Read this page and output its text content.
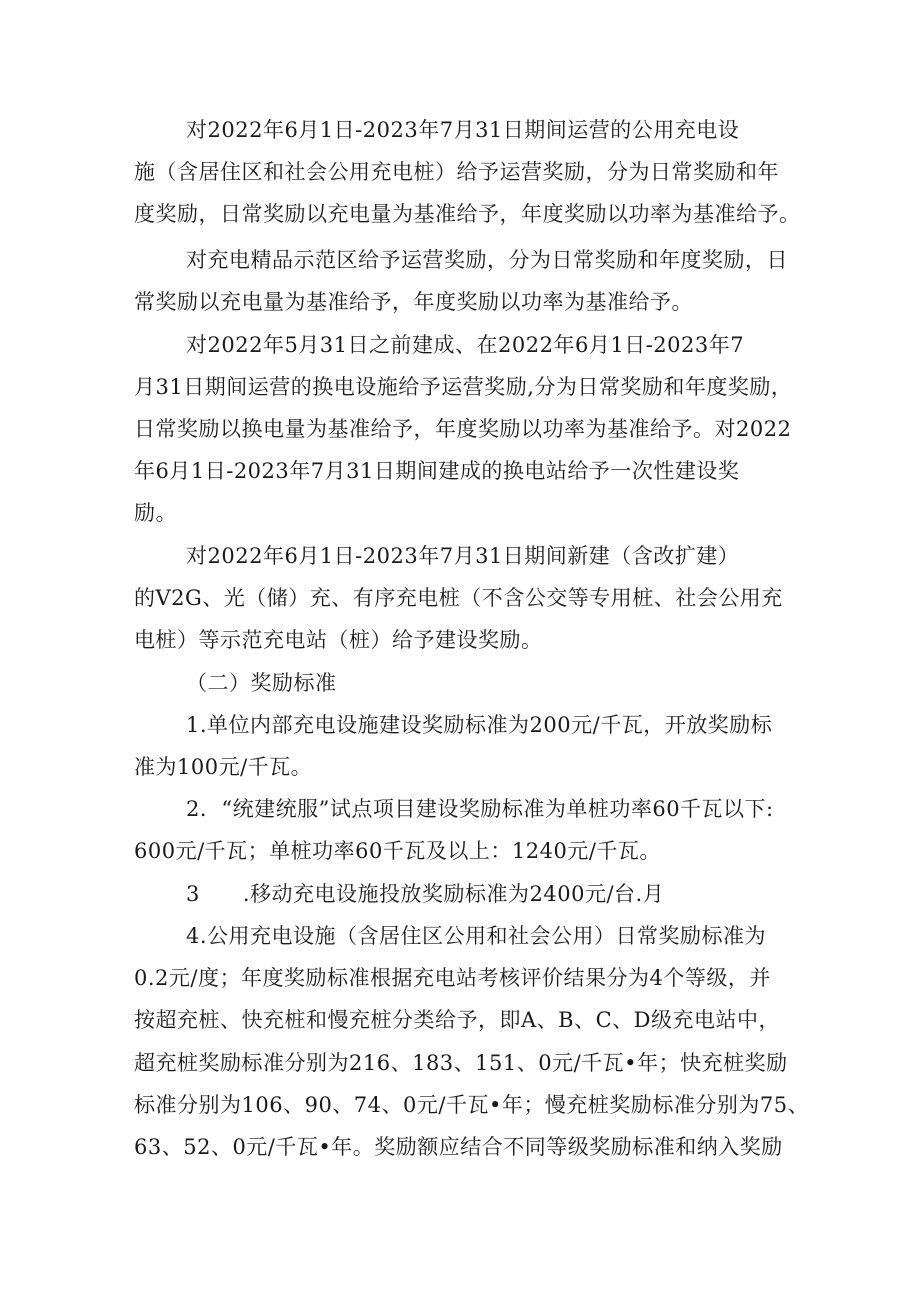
对2022年6月1日-2023年7月31日期间运营的公用充电设
施（含居住区和社会公用充电桩）给予运营奖励，分为日常奖励和年
度奖励，日常奖励以充电量为基准给予，年度奖励以功率为基准给予。
对充电精品示范区给予运营奖励，分为日常奖励和年度奖励，日
常奖励以充电量为基准给予，年度奖励以功率为基准给予。
对2022年5月31日之前建成、在2022年6月1日-2023年7
月31日期间运营的换电设施给予运营奖励,分为日常奖励和年度奖励，
日常奖励以换电量为基准给予，年度奖励以功率为基准给予。对2022
年6月1日-2023年7月31日期间建成的换电站给予一次性建设奖
励。
对2022年6月1日-2023年7月31日期间新建（含改扩建）
的V2G、光（储）充、有序充电桩（不含公交等专用桩、社会公用充
电桩）等示范充电站（桩）给予建设奖励。
（二）奖励标准
1.单位内部充电设施建设奖励标准为200元/千瓦，开放奖励标
准为100元/千瓦。
2．“统建统服”试点项目建设奖励标准为单桩功率60千瓦以下:
600元/千瓦；单桩功率60千瓦及以上：1240元/千瓦。
3　　.移动充电设施投放奖励标准为2400元/台.月
4.公用充电设施（含居住区公用和社会公用）日常奖励标准为
0.2元/度；年度奖励标准根据充电站考核评价结果分为4个等级，并
按超充桩、快充桩和慢充桩分类给予，即A、B、C、D级充电站中，
超充桩奖励标准分别为216、183、151、0元/千瓦•年；快充桩奖励
标准分别为106、90、74、0元/千瓦•年；慢充桩奖励标准分别为75、
63、52、0元/千瓦•年。奖励额应结合不同等级奖励标准和纳入奖励
